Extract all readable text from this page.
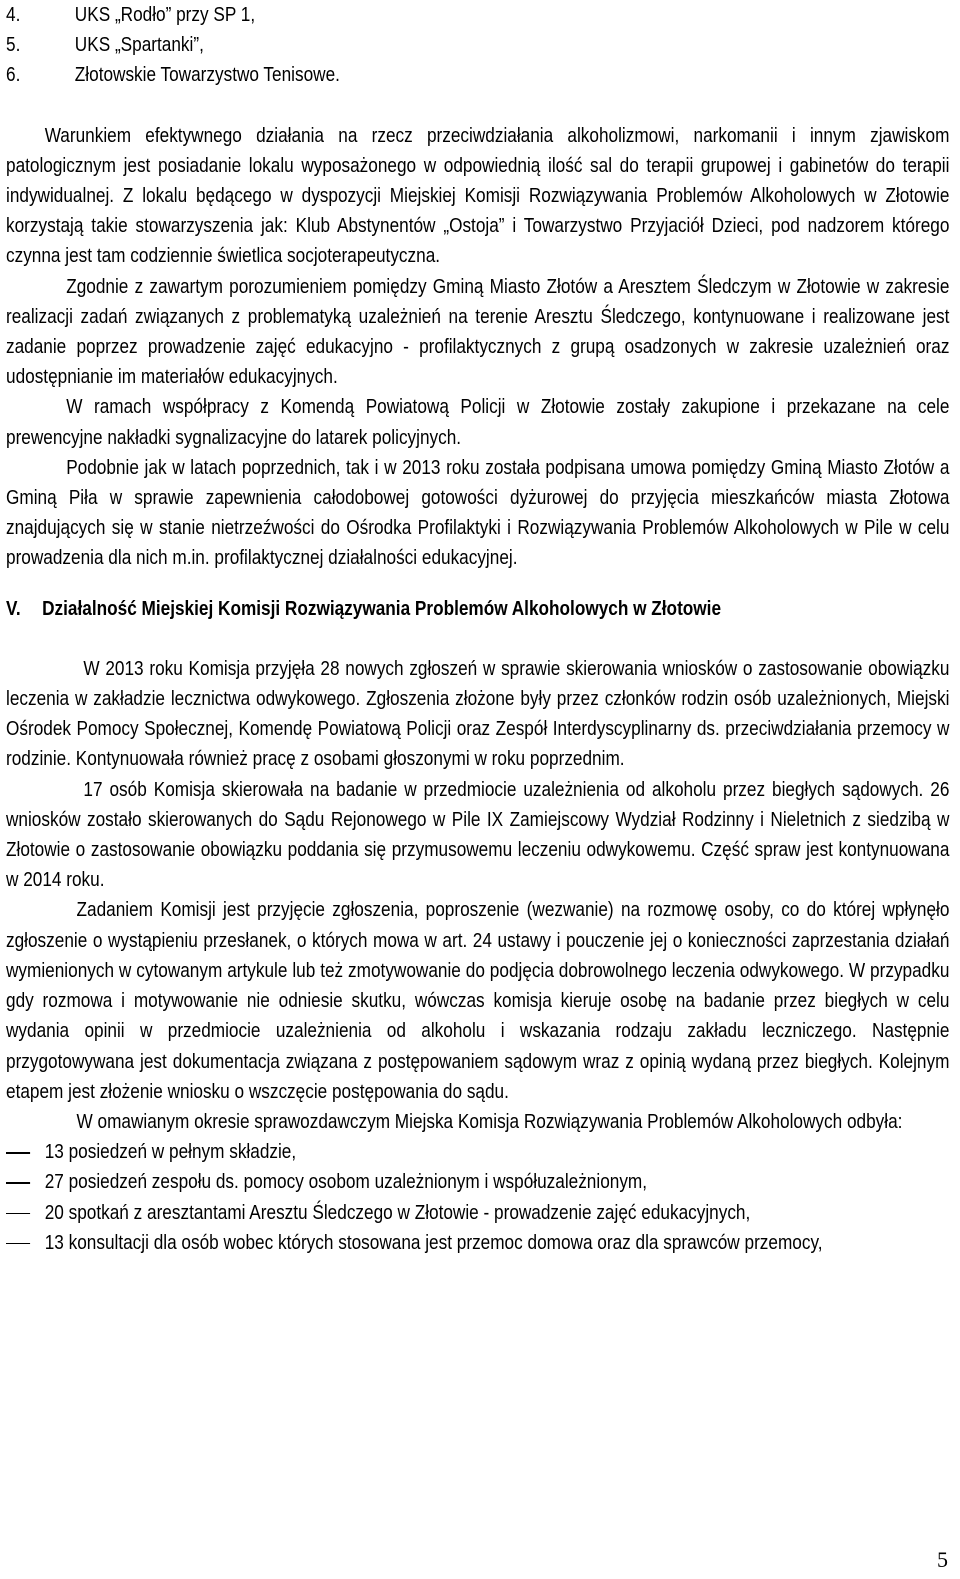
4.	UKS „Rodło” przy SP 1,
5.	UKS „Spartanki”,
6.	Złotowskie Towarzystwo Tenisowe.

Warunkiem efektywnego działania na rzecz przeciwdziałania alkoholizmowi, narkomanii i innym zjawiskom patologicznym jest posiadanie lokalu wyposażonego w odpowiednią ilość sal do terapii grupowej i gabinetów do terapii indywidualnej. Z lokalu będącego w dyspozycji Miejskiej Komisji Rozwiązywania Problemów Alkoholowych w Złotowie korzystają takie stowarzyszenia jak: Klub Abstynentów „Ostoja” i Towarzystwo Przyjaciół Dzieci, pod nadzorem którego czynna jest tam codziennie świetlica socjoterapeutyczna.

Zgodnie z zawartym porozumieniem pomiędzy Gminą Miasto Złotów a Aresztem Śledczym w Złotowie w zakresie realizacji zadań związanych z problematyką uzależnień na terenie Aresztu Śledczego, kontynuowane i realizowane jest zadanie poprzez prowadzenie zajęć edukacyjno - profilaktycznych z grupą osadzonych w zakresie uzależnień oraz udostępnianie im materiałów edukacyjnych.

W ramach współpracy z Komendą Powiatową Policji w Złotowie zostały zakupione i przekazane na cele prewencyjne nakładki sygnalizacyjne do latarek policyjnych.

Podobnie jak w latach poprzednich, tak i w 2013 roku została podpisana umowa pomiędzy Gminą Miasto Złotów a Gminą Piła w sprawie zapewnienia całodobowej gotowości dyżurowej do przyjęcia mieszkańców miasta Złotowa znajdujących się w stanie nietrzeźwości do Ośrodka Profilaktyki i Rozwiązywania Problemów Alkoholowych w Pile w celu prowadzenia dla nich m.in. profilaktycznej działalności edukacyjnej.

V.	Działalność Miejskiej Komisji Rozwiązywania Problemów Alkoholowych w Złotowie

W 2013 roku Komisja przyjęła 28 nowych zgłoszeń w sprawie skierowania wniosków o zastosowanie obowiązku leczenia w zakładzie lecznictwa odwykowego. Zgłoszenia złożone były przez członków rodzin osób uzależnionych, Miejski Ośrodek Pomocy Społecznej, Komendę Powiatową Policji oraz Zespół Interdyscyplinarny ds. przeciwdziałania przemocy w rodzinie. Kontynuowała również pracę z osobami głoszonymi w roku poprzednim.

17 osób Komisja skierowała na badanie w przedmiocie uzależnienia od alkoholu przez biegłych sądowych. 26 wniosków zostało skierowanych do Sądu Rejonowego w Pile IX Zamiejscowy Wydział Rodzinny i Nieletnich z siedzibą w Złotowie o zastosowanie obowiązku poddania się przymusowemu leczeniu odwykowemu. Część spraw jest kontynuowana w 2014 roku.

Zadaniem Komisji jest przyjęcie zgłoszenia, poproszenie (wezwanie) na rozmowę osoby, co do której wpłynęło zgłoszenie o wystąpieniu przesłanek, o których mowa w art. 24 ustawy i pouczenie jej o konieczności zaprzestania działań wymienionych w cytowanym artykule lub też zmotywowanie do podjęcia dobrowolnego leczenia odwykowego. W przypadku gdy rozmowa i motywowanie nie odniesie skutku, wówczas komisja kieruje osobę na badanie przez biegłych w celu wydania opinii w przedmiocie uzależnienia od alkoholu i wskazania rodzaju zakładu leczniczego. Następnie przygotowywana jest dokumentacja związana z postępowaniem sądowym wraz z opinią wydaną przez biegłych. Kolejnym etapem jest złożenie wniosku o wszczęcie postępowania do sądu.

W omawianym okresie sprawozdawczym Miejska Komisja Rozwiązywania Problemów Alkoholowych odbyła:

13 posiedzeń w pełnym składzie,
27 posiedzeń zespołu ds. pomocy osobom uzależnionym i współuzależnionym,
20 spotkań z aresztantami Aresztu Śledczego w Złotowie - prowadzenie zajęć edukacyjnych,
13 konsultacji dla osób wobec których stosowana jest przemoc domowa oraz dla sprawców przemocy,
5
